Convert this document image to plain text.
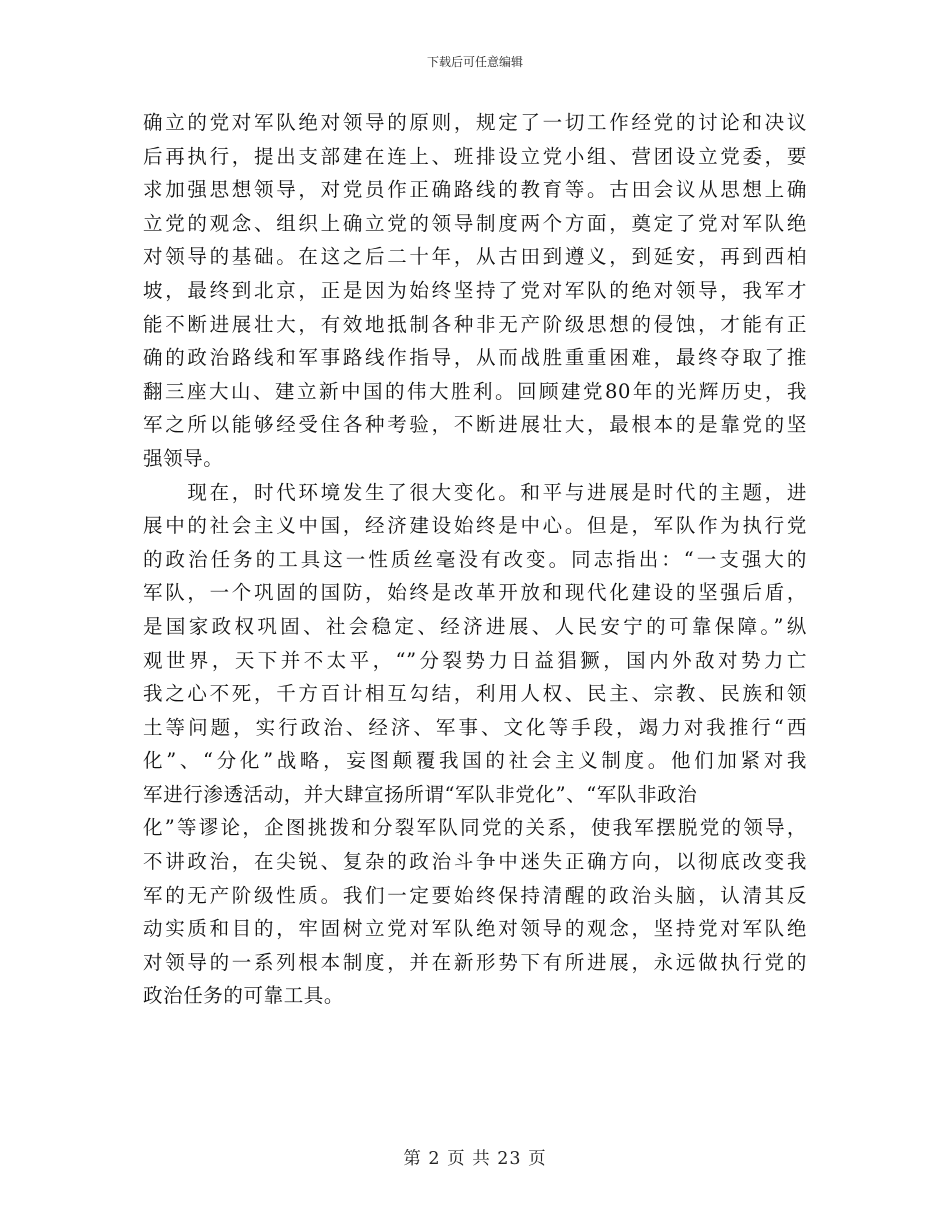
下载后可任意编辑
确立的党对军队绝对领导的原则，规定了一切工作经党的讨论和决议
后再执行，提出支部建在连上、班排设立党小组、营团设立党委，要
求加强思想领导，对党员作正确路线的教育等。古田会议从思想上确
立党的观念、组织上确立党的领导制度两个方面，奠定了党对军队绝
对领导的基础。在这之后二十年，从古田到遵义，到延安，再到西柏
坡，最终到北京，正是因为始终坚持了党对军队的绝对领导，我军才
能不断进展壮大，有效地抵制各种非无产阶级思想的侵蚀，才能有正
确的政治路线和军事路线作指导，从而战胜重重困难，最终夺取了推
翻三座大山、建立新中国的伟大胜利。回顾建党80年的光辉历史，我
军之所以能够经受住各种考验，不断进展壮大，最根本的是靠党的坚
强领导。
　　现在，时代环境发生了很大变化。和平与进展是时代的主题，进
展中的社会主义中国，经济建设始终是中心。但是，军队作为执行党
的政治任务的工具这一性质丝毫没有改变。同志指出：“一支强大的
军队，一个巩固的国防，始终是改革开放和现代化建设的坚强后盾，
是国家政权巩固、社会稳定、经济进展、人民安宁的可靠保障。”纵
观世界，天下并不太平，“”分裂势力日益猖獗，国内外敌对势力亡
我之心不死，千方百计相互勾结，利用人权、民主、宗教、民族和领
土等问题，实行政治、经济、军事、文化等手段，竭力对我推行“西
化”、“分化”战略，妄图颠覆我国的社会主义制度。他们加紧对我
军进行渗透活动，并大肆宣扬所谓“军队非党化”、“军队非政治
化”等谬论，企图挑拨和分裂军队同党的关系，使我军摆脱党的领导，
不讲政治，在尖锐、复杂的政治斗争中迷失正确方向，以彻底改变我
军的无产阶级性质。我们一定要始终保持清醒的政治头脑，认清其反
动实质和目的，牢固树立党对军队绝对领导的观念，坚持党对军队绝
对领导的一系列根本制度，并在新形势下有所进展，永远做执行党的
政治任务的可靠工具。
第 2 页 共 23 页
